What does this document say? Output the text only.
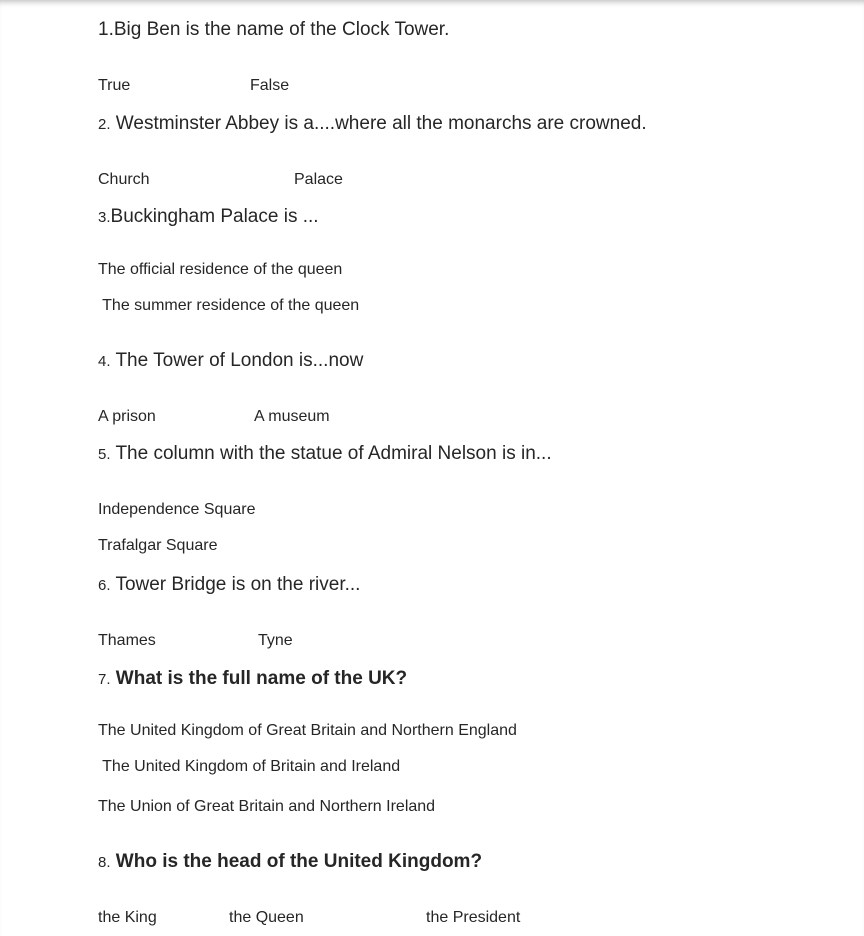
1.Big Ben is the name of the Clock Tower.
True	False
2. Westminster Abbey is a....where all the monarchs are crowned.
Church	Palace
3.Buckingham Palace is ...
The official residence of the queen
The summer residence of the queen
4. The Tower of London is...now
A prison	A museum
5. The column with the statue of Admiral Nelson is in...
Independence Square
Trafalgar Square
6. Tower Bridge is on the river...
Thames	Tyne
7. What is the full name of the UK?
The United Kingdom of Great Britain and Northern England
The United Kingdom of Britain and Ireland
The Union of Great Britain and Northern Ireland
8. Who is the head of the United Kingdom?
the King	the Queen	the President
